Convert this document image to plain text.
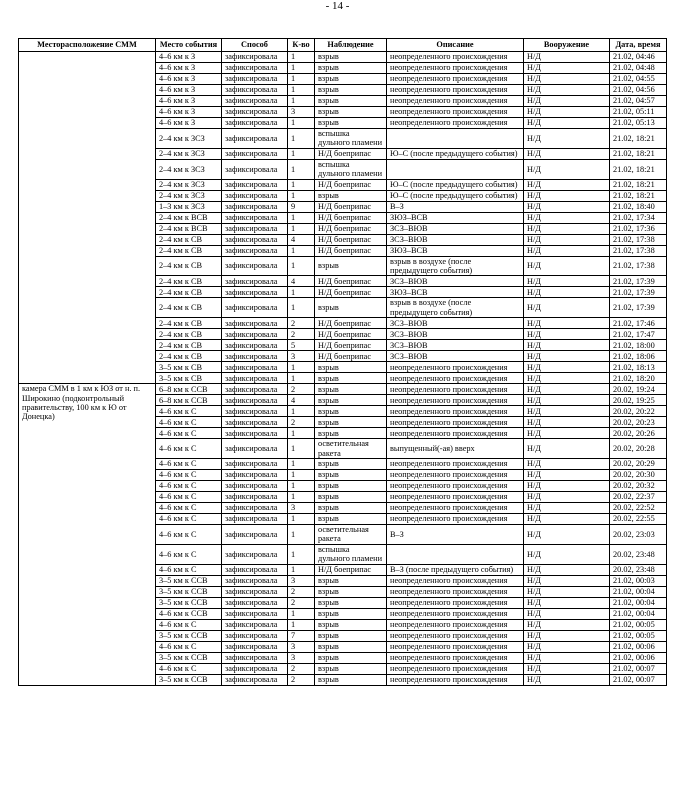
- 14 -
Месторасположение СММ	Место события	Способ	К-во	Наблюдение	Описание	Вооружение	Дата, время
	4–6 км к З	зафиксировала	1	взрыв	неопределенного происхождения	Н/Д	21.02, 04:46
	4–6 км к З	зафиксировала	1	взрыв	неопределенного происхождения	Н/Д	21.02, 04:48
	4–6 км к З	зафиксировала	1	взрыв	неопределенного происхождения	Н/Д	21.02, 04:55
	4–6 км к З	зафиксировала	1	взрыв	неопределенного происхождения	Н/Д	21.02, 04:56
	4–6 км к З	зафиксировала	1	взрыв	неопределенного происхождения	Н/Д	21.02, 04:57
	4–6 км к З	зафиксировала	3	взрыв	неопределенного происхождения	Н/Д	21.02, 05:11
	4–6 км к З	зафиксировала	1	взрыв	неопределенного происхождения	Н/Д	21.02, 05:13
	2–4 км к ЗСЗ	зафиксировала	1	вспышка дульного пламени		Н/Д	21.02, 18:21
	2–4 км к ЗСЗ	зафиксировала	1	Н/Д боеприпас	Ю–С (после предыдущего события)	Н/Д	21.02, 18:21
	2–4 км к ЗСЗ	зафиксировала	1	вспышка дульного пламени		Н/Д	21.02, 18:21
	2–4 км к ЗСЗ	зафиксировала	1	Н/Д боеприпас	Ю–С (после предыдущего события)	Н/Д	21.02, 18:21
	2–4 км к ЗСЗ	зафиксировала	1	взрыв	Ю–С (после предыдущего события)	Н/Д	21.02, 18:21
	1–3 км к ЗСЗ	зафиксировала	9	Н/Д боеприпас	В–З	Н/Д	21.02, 18:40
	2–4 км к ВСВ	зафиксировала	1	Н/Д боеприпас	ЗЮЗ–ВСВ	Н/Д	21.02, 17:34
	2–4 км к ВСВ	зафиксировала	1	Н/Д боеприпас	ЗСЗ–ВЮВ	Н/Д	21.02, 17:36
	2–4 км к СВ	зафиксировала	4	Н/Д боеприпас	ЗСЗ–ВЮВ	Н/Д	21.02, 17:38
	2–4 км к СВ	зафиксировала	1	Н/Д боеприпас	ЗЮЗ–ВСВ	Н/Д	21.02, 17:38
	2–4 км к СВ	зафиксировала	1	взрыв	взрыв в воздухе (после предыдущего события)	Н/Д	21.02, 17:38
	2–4 км к СВ	зафиксировала	4	Н/Д боеприпас	ЗСЗ–ВЮВ	Н/Д	21.02, 17:39
	2–4 км к СВ	зафиксировала	1	Н/Д боеприпас	ЗЮЗ–ВСВ	Н/Д	21.02, 17:39
	2–4 км к СВ	зафиксировала	1	взрыв	взрыв в воздухе (после предыдущего события)	Н/Д	21.02, 17:39
	2–4 км к СВ	зафиксировала	2	Н/Д боеприпас	ЗСЗ–ВЮВ	Н/Д	21.02, 17:46
	2–4 км к СВ	зафиксировала	2	Н/Д боеприпас	ЗСЗ–ВЮВ	Н/Д	21.02, 17:47
	2–4 км к СВ	зафиксировала	5	Н/Д боеприпас	ЗСЗ–ВЮВ	Н/Д	21.02, 18:00
	2–4 км к СВ	зафиксировала	3	Н/Д боеприпас	ЗСЗ–ВЮВ	Н/Д	21.02, 18:06
	3–5 км к СВ	зафиксировала	1	взрыв	неопределенного происхождения	Н/Д	21.02, 18:13
	3–5 км к СВ	зафиксировала	1	взрыв	неопределенного происхождения	Н/Д	21.02, 18:20
камера СММ в 1 км к ЮЗ от н. п. Широкино (подконтрольный правительству, 100 км к Ю от Донецка)	6–8 км к ССВ	зафиксировала	2	взрыв	неопределенного происхождения	Н/Д	20.02, 19:24
	6–8 км к ССВ	зафиксировала	4	взрыв	неопределенного происхождения	Н/Д	20.02, 19:25
	4–6 км к С	зафиксировала	1	взрыв	неопределенного происхождения	Н/Д	20.02, 20:22
	4–6 км к С	зафиксировала	2	взрыв	неопределенного происхождения	Н/Д	20.02, 20:23
	4–6 км к С	зафиксировала	1	взрыв	неопределенного происхождения	Н/Д	20.02, 20:26
	4–6 км к С	зафиксировала	1	осветительная ракета	выпущенный(-ая) вверх	Н/Д	20.02, 20:28
	4–6 км к С	зафиксировала	1	взрыв	неопределенного происхождения	Н/Д	20.02, 20:29
	4–6 км к С	зафиксировала	1	взрыв	неопределенного происхождения	Н/Д	20.02, 20:30
	4–6 км к С	зафиксировала	1	взрыв	неопределенного происхождения	Н/Д	20.02, 20:32
	4–6 км к С	зафиксировала	1	взрыв	неопределенного происхождения	Н/Д	20.02, 22:37
	4–6 км к С	зафиксировала	3	взрыв	неопределенного происхождения	Н/Д	20.02, 22:52
	4–6 км к С	зафиксировала	1	взрыв	неопределенного происхождения	Н/Д	20.02, 22:55
	4–6 км к С	зафиксировала	1	осветительная ракета	В–З	Н/Д	20.02, 23:03
	4–6 км к С	зафиксировала	1	вспышка дульного пламени		Н/Д	20.02, 23:48
	4–6 км к С	зафиксировала	1	Н/Д боеприпас	В–З (после предыдущего события)	Н/Д	20.02, 23:48
	3–5 км к ССВ	зафиксировала	3	взрыв	неопределенного происхождения	Н/Д	21.02, 00:03
	3–5 км к ССВ	зафиксировала	2	взрыв	неопределенного происхождения	Н/Д	21.02, 00:04
	3–5 км к ССВ	зафиксировала	2	взрыв	неопределенного происхождения	Н/Д	21.02, 00:04
	4–6 км к ССВ	зафиксировала	1	взрыв	неопределенного происхождения	Н/Д	21.02, 00:04
	4–6 км к С	зафиксировала	1	взрыв	неопределенного происхождения	Н/Д	21.02, 00:05
	3–5 км к ССВ	зафиксировала	7	взрыв	неопределенного происхождения	Н/Д	21.02, 00:05
	4–6 км к С	зафиксировала	3	взрыв	неопределенного происхождения	Н/Д	21.02, 00:06
	3–5 км к ССВ	зафиксировала	3	взрыв	неопределенного происхождения	Н/Д	21.02, 00:06
	4–6 км к С	зафиксировала	2	взрыв	неопределенного происхождения	Н/Д	21.02, 00:07
	3–5 км к ССВ	зафиксировала	2	взрыв	неопределенного происхождения	Н/Д	21.02, 00:07
